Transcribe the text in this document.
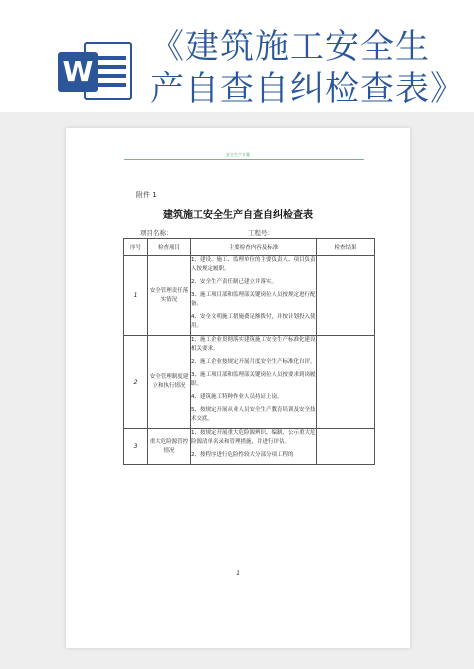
W
《建筑施工安全生
产自查自纠检查表》
安全生产专题
附件 1
建筑施工安全生产自查自纠检查表
项目名称：	工程号：
序号	检查项目	主要检查内容及标准	检查结果
1	安全管理责任落实情况	1、建设、施工、监理单位的主要负责人、项目负责人按规定履职。

2、安全生产责任制已建立并落实。

3、施工项目部和监理部关键岗位人员按规定进行配备。

4、安全文明施工措施费足额拨付，并按计划投入使用。	

2	安全管理制度建立和执行情况	1、施工企业贯彻落实建筑施工安全生产标准化建设相关要求。

2、施工企业按规定开展月度安全生产标准化自评。

3、施工项目部和监理部关键岗位人员按要求到岗履职。

4、建筑施工特种作业人员持证上岗。

5、按规定开展从业人员安全生产教育培训及安全技术交底。	

3	重大危险源管控情况	1、按规定开展重大危险源辨识、编制、公示重大危险源清单名录和管理措施，并进行评估。

2、按程序进行危险性较大分部分项工程的	

1
